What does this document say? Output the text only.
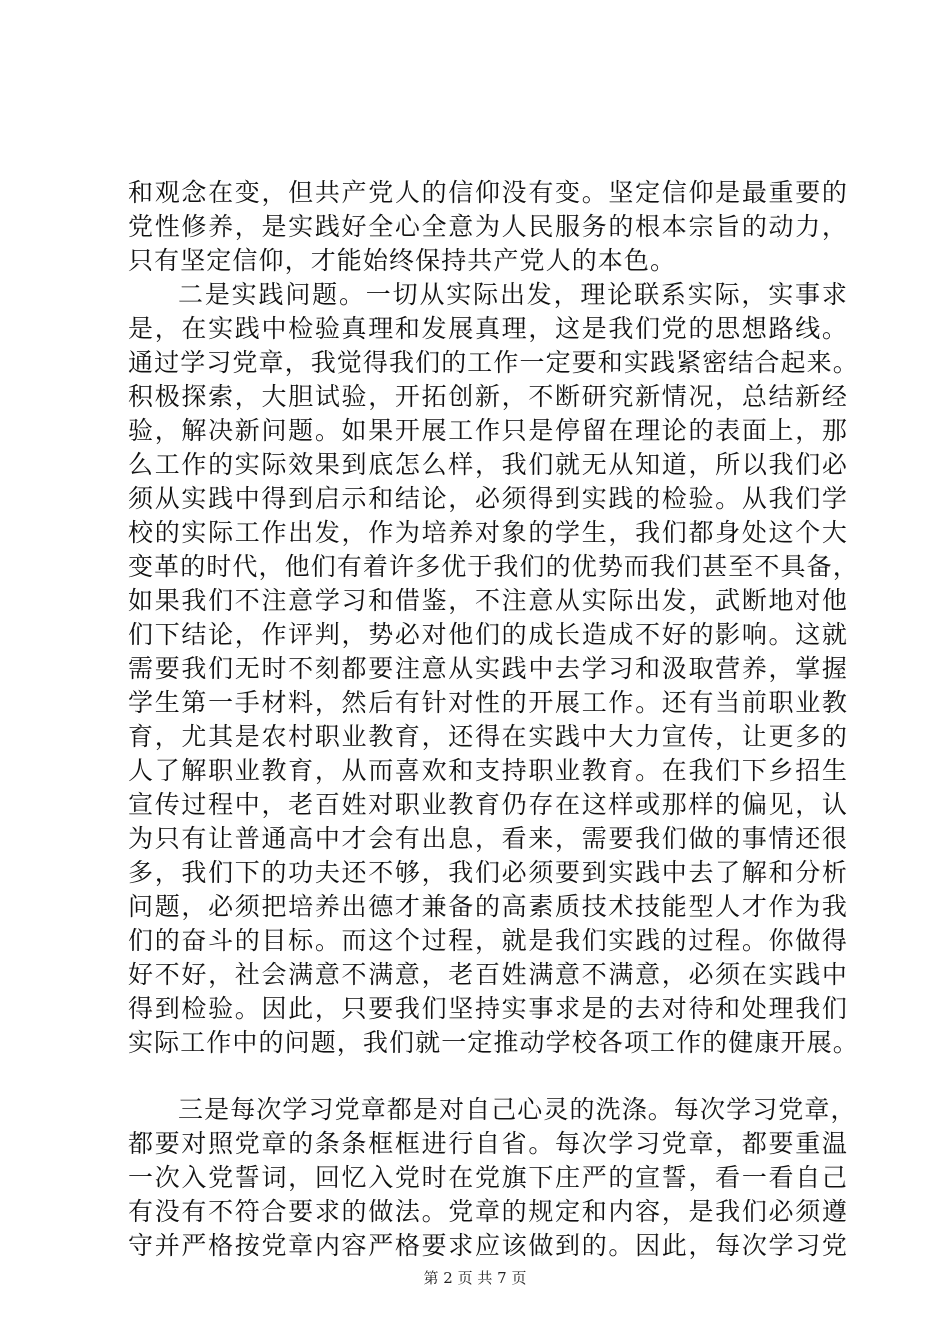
和观念在变，但共产党人的信仰没有变。坚定信仰是最重要的
党性修养，是实践好全心全意为人民服务的根本宗旨的动力，
只有坚定信仰，才能始终保持共产党人的本色。
二是实践问题。一切从实际出发，理论联系实际，实事求
是，在实践中检验真理和发展真理，这是我们党的思想路线。
通过学习党章，我觉得我们的工作一定要和实践紧密结合起来。
积极探索，大胆试验，开拓创新，不断研究新情况，总结新经
验，解决新问题。如果开展工作只是停留在理论的表面上，那
么工作的实际效果到底怎么样，我们就无从知道，所以我们必
须从实践中得到启示和结论，必须得到实践的检验。从我们学
校的实际工作出发，作为培养对象的学生，我们都身处这个大
变革的时代，他们有着许多优于我们的优势而我们甚至不具备，
如果我们不注意学习和借鉴，不注意从实际出发，武断地对他
们下结论，作评判，势必对他们的成长造成不好的影响。这就
需要我们无时不刻都要注意从实践中去学习和汲取营养，掌握
学生第一手材料，然后有针对性的开展工作。还有当前职业教
育，尤其是农村职业教育，还得在实践中大力宣传，让更多的
人了解职业教育，从而喜欢和支持职业教育。在我们下乡招生
宣传过程中，老百姓对职业教育仍存在这样或那样的偏见，认
为只有让普通高中才会有出息，看来，需要我们做的事情还很
多，我们下的功夫还不够，我们必须要到实践中去了解和分析
问题，必须把培养出德才兼备的高素质技术技能型人才作为我
们的奋斗的目标。而这个过程，就是我们实践的过程。你做得
好不好，社会满意不满意，老百姓满意不满意，必须在实践中
得到检验。因此，只要我们坚持实事求是的去对待和处理我们
实际工作中的问题，我们就一定推动学校各项工作的健康开展。
三是每次学习党章都是对自己心灵的洗涤。每次学习党章，
都要对照党章的条条框框进行自省。每次学习党章，都要重温
一次入党誓词，回忆入党时在党旗下庄严的宣誓，看一看自己
有没有不符合要求的做法。党章的规定和内容，是我们必须遵
守并严格按党章内容严格要求应该做到的。因此，每次学习党
第 2 页 共 7 页
